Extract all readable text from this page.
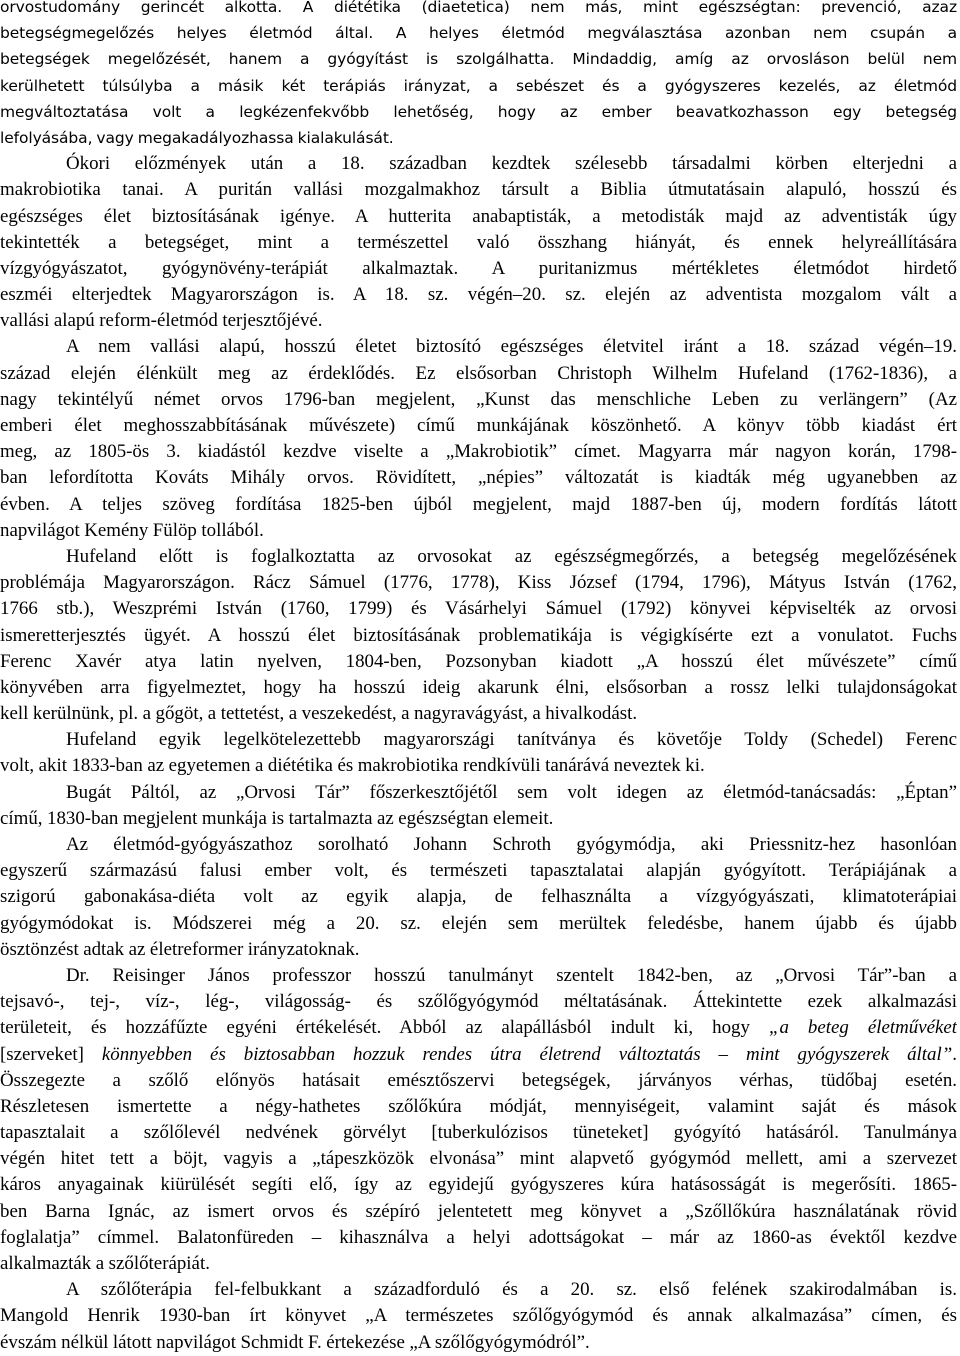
orvostudomány gerincét alkotta. A diététika (diaetetica) nem más, mint egészségtan: prevenció, azaz
betegségmegelőzés helyes életmód által. A helyes életmód megválasztása azonban nem csupán a
betegségek megelőzését, hanem a gyógyítást is szolgálhatta. Mindaddig, amíg az orvosláson belül nem
kerülhetett túlsúlyba a másik két terápiás irányzat, a sebészet és a gyógyszeres kezelés, az életmód
megváltoztatása volt a legkézenfekvőbb lehetőség, hogy az ember beavatkozhasson egy betegség
lefolyásába, vagy megakadályozhassa kialakulását.
Ókori előzmények után a 18. században kezdtek szélesebb társadalmi körben elterjedni a
makrobiotika tanai. A puritán vallási mozgalmakhoz társult a Biblia útmutatásain alapuló, hosszú és
egészséges élet biztosításának igénye. A hutterita anabaptisták, a metodisták majd az adventisták úgy
tekintették a betegséget, mint a természettel való összhang hiányát, és ennek helyreállítására
vízgyógyászatot, gyógynövény-terápiát alkalmaztak. A puritanizmus mértékletes életmódot hirdető
eszméi elterjedtek Magyarországon is. A 18. sz. végén–20. sz. elején az adventista mozgalom vált a
vallási alapú reform-életmód terjesztőjévé.
A nem vallási alapú, hosszú életet biztosító egészséges életvitel iránt a 18. század végén–19.
század elején élénkült meg az érdeklődés. Ez elsősorban Christoph Wilhelm Hufeland (1762-1836), a
nagy tekintélyű német orvos 1796-ban megjelent, „Kunst das menschliche Leben zu verlängern” (Az
emberi élet meghosszabbításának művészete) című munkájának köszönhető. A könyv több kiadást ért
meg, az 1805-ös 3. kiadástól kezdve viselte a „Makrobiotik” címet. Magyarra már nagyon korán, 1798-
ban lefordította Kováts Mihály orvos. Rövidített, „népies” változatát is kiadták még ugyanebben az
évben. A teljes szöveg fordítása 1825-ben újból megjelent, majd 1887-ben új, modern fordítás látott
napvilágot Kemény Fülöp tollából.
Hufeland előtt is foglalkoztatta az orvosokat az egészségmegőrzés, a betegség megelőzésének
problémája Magyarországon. Rácz Sámuel (1776, 1778), Kiss József (1794, 1796), Mátyus István (1762,
1766 stb.), Weszprémi István (1760, 1799) és Vásárhelyi Sámuel (1792) könyvei képviselték az orvosi
ismeretterjesztés ügyét. A hosszú élet biztosításának problematikája is végigkísérte ezt a vonulatot. Fuchs
Ferenc Xavér atya latin nyelven, 1804-ben, Pozsonyban kiadott „A hosszú élet művészete” című
könyvében arra figyelmeztet, hogy ha hosszú ideig akarunk élni, elsősorban a rossz lelki tulajdonságokat
kell kerülnünk, pl. a gőgöt, a tettetést, a veszekedést, a nagyravágyást, a hivalkodást.
Hufeland egyik legelkötelezettebb magyarországi tanítványa és követője Toldy (Schedel) Ferenc
volt, akit 1833-ban az egyetemen a diététika és makrobiotika rendkívüli tanárává neveztek ki.
Bugát Páltól, az „Orvosi Tár” főszerkesztőjétől sem volt idegen az életmód-tanácsadás: „Éptan”
című, 1830-ban megjelent munkája is tartalmazta az egészségtan elemeit.
Az életmód-gyógyászathoz sorolható Johann Schroth gyógymódja, aki Priessnitz-hez hasonlóan
egyszerű származású falusi ember volt, és természeti tapasztalatai alapján gyógyított. Terápiájának a
szigorú gabonakása-diéta volt az egyik alapja, de felhasználta a vízgyógyászati, klimatoterápiai
gyógymódokat is. Módszerei még a 20. sz. elején sem merültek feledésbe, hanem újabb és újabb
ösztönzést adtak az életreformer irányzatoknak.
Dr. Reisinger János professzor hosszú tanulmányt szentelt 1842-ben, az „Orvosi Tár”-ban a
tejsavó-, tej-, víz-, lég-, világosság- és szőlőgyógymód méltatásának. Áttekintette ezek alkalmazási
területeit, és hozzáfűzte egyéni értékelését. Abból az alapállásból indult ki, hogy „a beteg életművéket
[szerveket] könnyebben és biztosabban hozzuk rendes útra életrend változtatás – mint gyógyszerek által”.
Összegezte a szőlő előnyös hatásait emésztőszervi betegségek, járványos vérhas, tüdőbaj esetén.
Részletesen ismertette a négy-hathetes szőlőkúra módját, mennyiségeit, valamint saját és mások
tapasztalait a szőlőlevél nedvének görvélyt [tuberkulózisos tüneteket] gyógyító hatásáról. Tanulmánya
végén hitet tett a böjt, vagyis a „tápeszközök elvonása” mint alapvető gyógymód mellett, ami a szervezet
káros anyagainak kiürülését segíti elő, így az egyidejű gyógyszeres kúra hatásosságát is megerősíti. 1865-
ben Barna Ignác, az ismert orvos és szépíró jelentetett meg könyvet a „Szőllőkúra használatának rövid
foglalatja” címmel. Balatonfüreden – kihasználva a helyi adottságokat – már az 1860-as évektől kezdve
alkalmazták a szőlőterápiát.
A szőlőterápia fel-felbukkant a századforduló és a 20. sz. első felének szakirodalmában is.
Mangold Henrik 1930-ban írt könyvet „A természetes szőlőgyógymód és annak alkalmazása” címen, és
évszám nélkül látott napvilágot Schmidt F. értekezése „A szőlőgyógymódról”.
